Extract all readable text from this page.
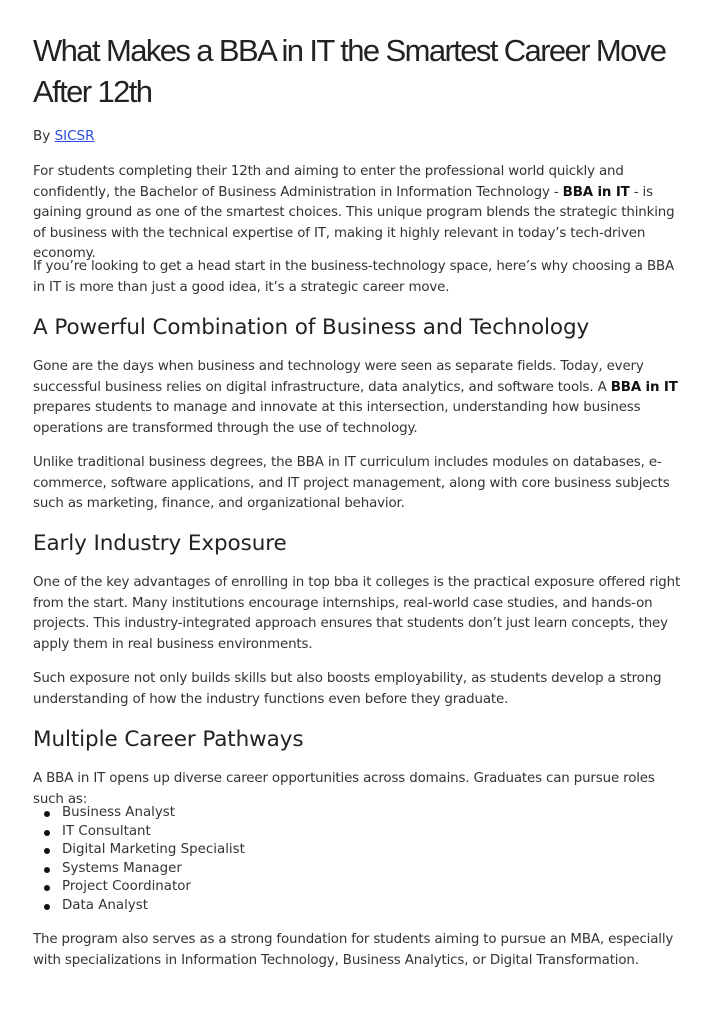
What Makes a BBA in IT the Smartest Career Move After 12th

By SICSR

For students completing their 12th and aiming to enter the professional world quickly and confidently, the Bachelor of Business Administration in Information Technology - BBA in IT - is gaining ground as one of the smartest choices. This unique program blends the strategic thinking of business with the technical expertise of IT, making it highly relevant in today’s tech-driven economy.

If you’re looking to get a head start in the business-technology space, here’s why choosing a BBA in IT is more than just a good idea, it’s a strategic career move.

A Powerful Combination of Business and Technology

Gone are the days when business and technology were seen as separate fields. Today, every successful business relies on digital infrastructure, data analytics, and software tools. A BBA in IT prepares students to manage and innovate at this intersection, understanding how business operations are transformed through the use of technology.

Unlike traditional business degrees, the BBA in IT curriculum includes modules on databases, e-commerce, software applications, and IT project management, along with core business subjects such as marketing, finance, and organizational behavior.

Early Industry Exposure

One of the key advantages of enrolling in top bba it colleges is the practical exposure offered right from the start. Many institutions encourage internships, real-world case studies, and hands-on projects. This industry-integrated approach ensures that students don’t just learn concepts, they apply them in real business environments.

Such exposure not only builds skills but also boosts employability, as students develop a strong understanding of how the industry functions even before they graduate.

Multiple Career Pathways

A BBA in IT opens up diverse career opportunities across domains. Graduates can pursue roles such as:

Business Analyst
IT Consultant
Digital Marketing Specialist
Systems Manager
Project Coordinator
Data Analyst

The program also serves as a strong foundation for students aiming to pursue an MBA, especially with specializations in Information Technology, Business Analytics, or Digital Transformation.
